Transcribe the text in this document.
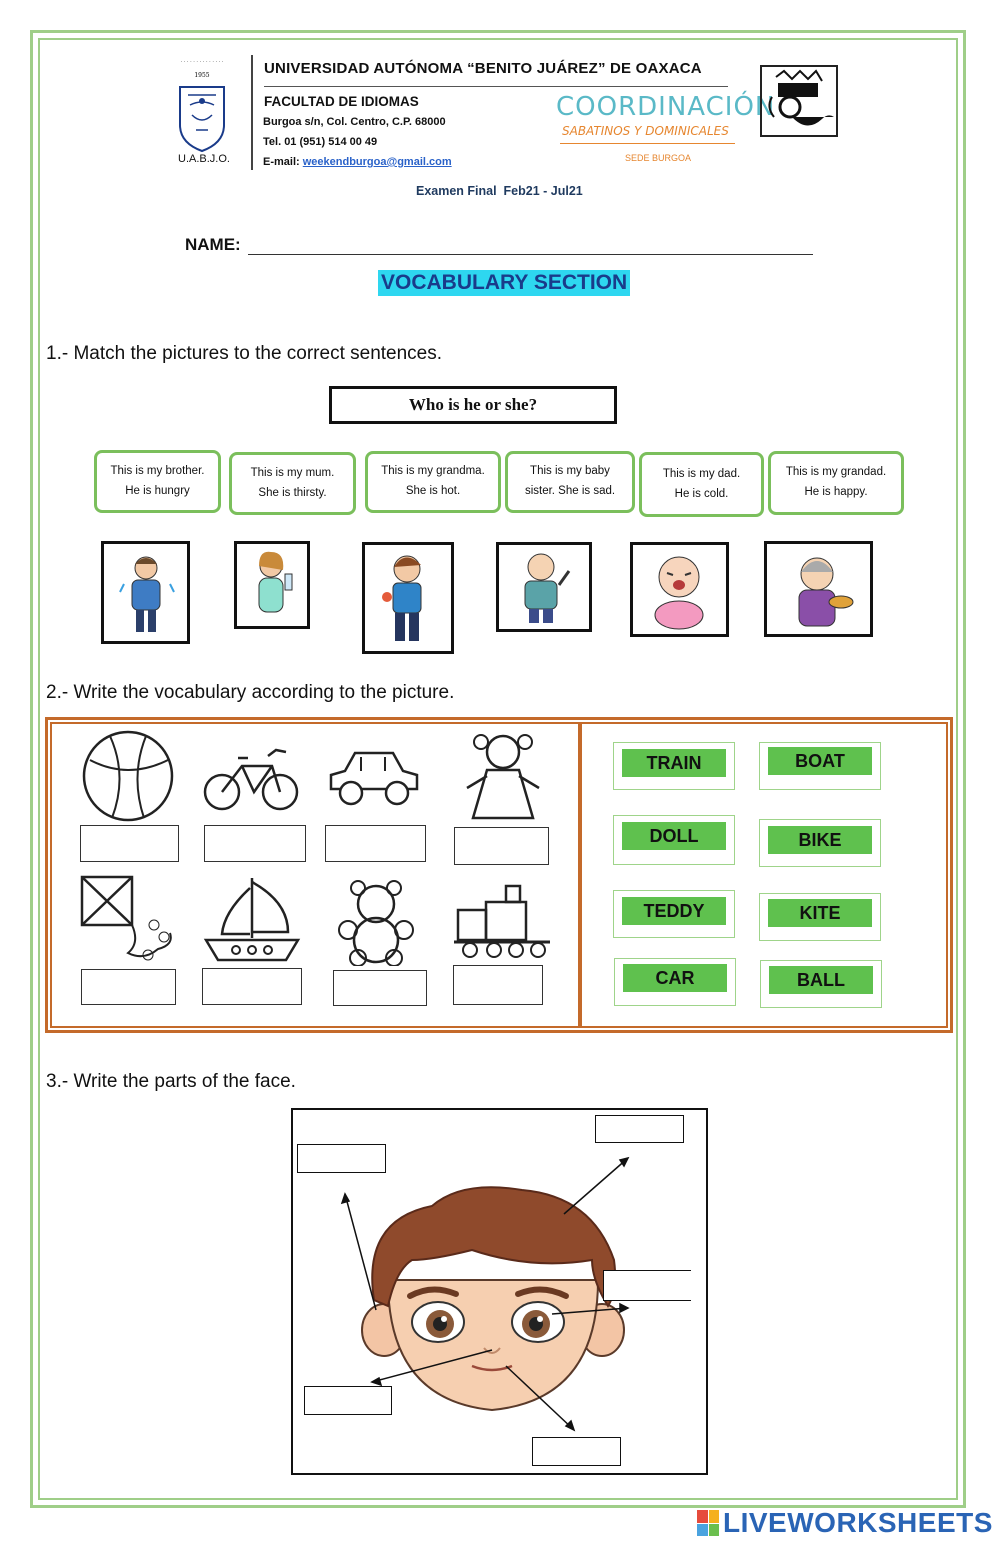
· · · · · · · · · · · · · ·
1955
U.A.B.J.O.
UNIVERSIDAD AUTÓNOMA “BENITO JUÁREZ” DE OAXACA
FACULTAD DE IDIOMAS
Burgoa s/n, Col. Centro, C.P. 68000
Tel. 01 (951) 514 00 49
E-mail: weekendburgoa@gmail.com
COORDINACIÓN
SABATINOS Y DOMINICALES
SEDE BURGOA
Examen Final  Feb21 - Jul21
NAME:
VOCABULARY SECTION
1.- Match the pictures to the correct sentences.
Who is he or she?
This is my brother.
He is hungry
This is my mum.
She is thirsty.
This is my grandma.
She is hot.
This is my baby
sister. She is sad.
This is my dad.
He is cold.
This is my grandad.
He is happy.
2.- Write the vocabulary according to the picture.
TRAIN	BOAT
DOLL	BIKE
TEDDY	KITE
CAR	BALL
3.- Write the parts of the face.
LIVEWORKSHEETS
